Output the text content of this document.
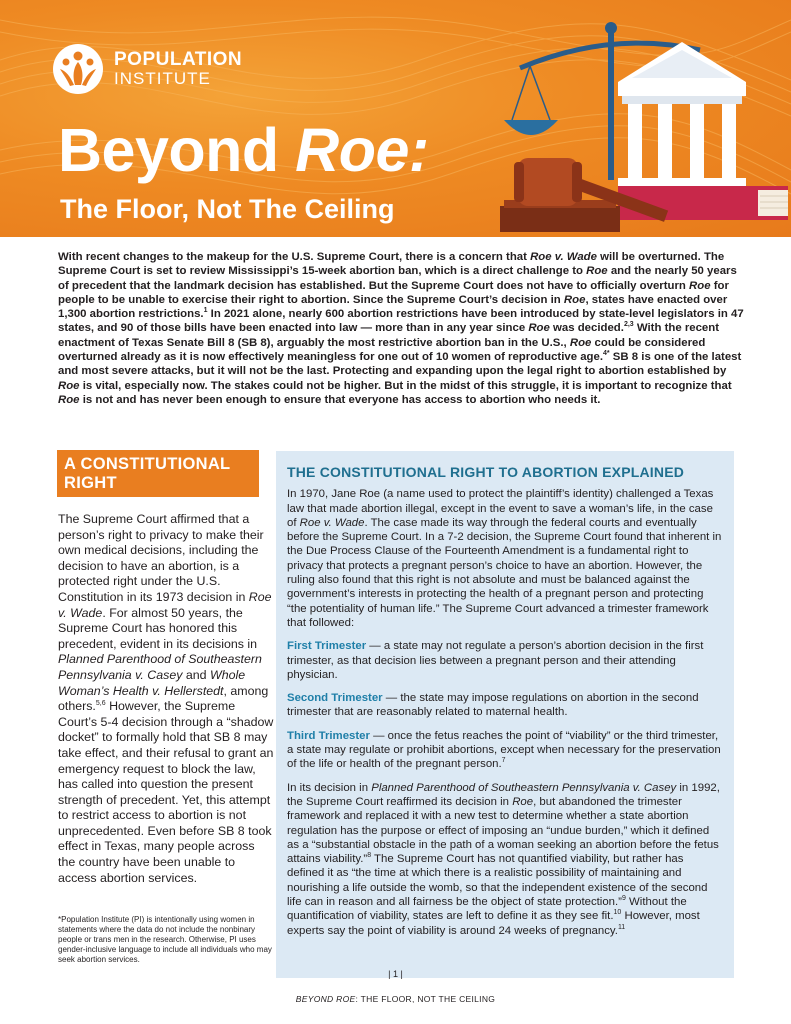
POPULATION
INSTITUTE
Beyond Roe:
The Floor, Not The Ceiling
With recent changes to the makeup for the U.S. Supreme Court, there is a concern that Roe v. Wade will be overturned. The Supreme Court is set to review Mississippi’s 15-week abortion ban, which is a direct challenge to Roe and the nearly 50 years of precedent that the landmark decision has established. But the Supreme Court does not have to officially overturn Roe for people to be unable to exercise their right to abortion. Since the Supreme Court’s decision in Roe, states have enacted over 1,300 abortion restrictions.$^1$ In 2021 alone, nearly 600 abortion restrictions have been introduced by state-level legislators in 47 states, and 90 of those bills have been enacted into law — more than in any year since Roe was decided.$^{2,3}$ With the recent enactment of Texas Senate Bill 8 (SB 8), arguably the most restrictive abortion ban in the U.S., Roe could be considered overturned already as it is now effectively meaningless for one out of 10 women of reproductive age.$^{4*}$ SB 8 is one of the latest and most severe attacks, but it will not be the last. Protecting and expanding upon the legal right to abortion established by Roe is vital, especially now. The stakes could not be higher. But in the midst of this struggle, it is important to recognize that Roe is not and has never been enough to ensure that everyone has access to abortion who needs it.
A CONSTITUTIONAL RIGHT
The Supreme Court affirmed that a person’s right to privacy to make their own medical decisions, including the decision to have an abortion, is a protected right under the U.S. Constitution in its 1973 decision in Roe v. Wade. For almost 50 years, the Supreme Court has honored this precedent, evident in its decisions in Planned Parenthood of Southeastern Pennsylvania v. Casey and Whole Woman’s Health v. Hellerstedt, among others.$^{5,6}$ However, the Supreme Court’s 5-4 decision through a “shadow docket” to formally hold that SB 8 may take effect, and their refusal to grant an emergency request to block the law, has called into question the present strength of precedent. Yet, this attempt to restrict access to abortion is not unprecedented. Even before SB 8 took effect in Texas, many people across the country have been unable to access abortion services.
*Population Institute (PI) is intentionally using women in statements where the data do not include the nonbinary people or trans men in the research. Otherwise, PI uses gender-inclusive language to include all individuals who may seek abortion services.
THE CONSTITUTIONAL RIGHT TO ABORTION EXPLAINED

In 1970, Jane Roe (a name used to protect the plaintiff’s identity) challenged a Texas law that made abortion illegal, except in the event to save a woman’s life, in the case of Roe v. Wade. The case made its way through the federal courts and eventually before the Supreme Court. In a 7-2 decision, the Supreme Court found that inherent in the Due Process Clause of the Fourteenth Amendment is a fundamental right to privacy that protects a pregnant person’s choice to have an abortion. However, the ruling also found that this right is not absolute and must be balanced against the government’s interests in protecting the health of a pregnant person and protecting “the potentiality of human life.” The Supreme Court advanced a trimester framework that followed:

First Trimester — a state may not regulate a person’s abortion decision in the first trimester, as that decision lies between a pregnant person and their attending physician.

Second Trimester — the state may impose regulations on abortion in the second trimester that are reasonably related to maternal health.

Third Trimester — once the fetus reaches the point of “viability” or the third trimester, a state may regulate or prohibit abortions, except when necessary for the preservation of the life or health of the pregnant person.$^7$

In its decision in Planned Parenthood of Southeastern Pennsylvania v. Casey in 1992, the Supreme Court reaffirmed its decision in Roe, but abandoned the trimester framework and replaced it with a new test to determine whether a state abortion regulation has the purpose or effect of imposing an “undue burden,” which it defined as a “substantial obstacle in the path of a woman seeking an abortion before the fetus attains viability.”$^8$ The Supreme Court has not quantified viability, but rather has defined it as “the time at which there is a realistic possibility of maintaining and nourishing a life outside the womb, so that the independent existence of the second life can in reason and all fairness be the object of state protection.”$^9$ Without the quantification of viability, states are left to define it as they see fit.$^{10}$ However, most experts say the point of viability is around 24 weeks of pregnancy.$^{11}$

| 1 |
BEYOND ROE: THE FLOOR, NOT THE CEILING
